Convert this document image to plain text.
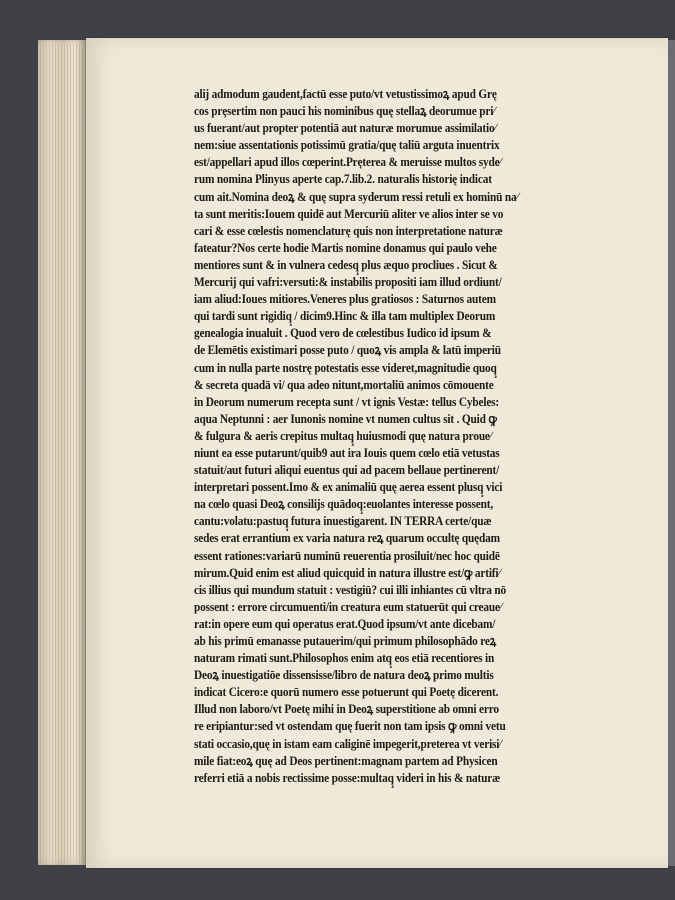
alij admodum gaudent,factū esse puto/vt vetustissimoꝝ apud Grę
cos prȩsertim non pauci his nominibus quę stellaꝝ deorumue pri∕
us fuerant/aut propter potentiā aut naturæ morumue assimilatio∕
nem:siue assentationis potissimū gratia/quę taliū arguta inuentrix
est/appellari apud illos cœperint.Pręterea & meruisse multos syde∕
rum nomina Plinyus aperte cap.7.lib.2. naturalis historię indicat
cum ait.Nomina deoꝝ & quę supra syderum ressi retuli ex hominū na∕
ta sunt meritis:Iouem quidē aut Mercuriū aliter ve alios inter se vo
cari & esse cœlestis nomenclaturę quis non interpretatione naturæ
fateatur?Nos certe hodie Martis nomine donamus qui paulo vehe
mentiores sunt & in vulnera cedesq̧ plus æquo procliues . Sicut &
Mercurij qui vafri:versuti:& instabilis propositi iam illud ordiunt/
iam aliud:Ioues mitiores.Veneres plus gratiosos : Saturnos autem
qui tardi sunt rigidiq̧ / dicim9.Hinc & illa tam multiplex Deorum
genealogia inualuit . Quod vero de cœlestibus Iudico id ipsum &
de Elemētis existimari posse puto / quoꝝ vis ampla & latū imperiū
cum in nulla parte nostrę potestatis esse videret,magnitudie quoq̧
& secreta quadā vi/ qua adeo nitunt,mortaliū animos cōmouente
in Deorum numerum recepta sunt / vt ignis Vestæ: tellus Cybeles:
aqua Neptunni : aer Iunonis nomine vt numen cultus sit . Quid ꝙ
& fulgura & aeris crepitus multaq̧ huiusmodi quę natura proue∕
niunt ea esse putarunt/quib9 aut ira Iouis quem cœlo etiā vetustas
statuit/aut futuri aliqui euentus qui ad pacem bellaue pertinerent/
interpretari possent.Imo & ex animaliū quę aerea essent plusq̧ vici
na cœlo quasi Deoꝝ consilijs quādoq̧:euolantes interesse possent,
cantu:volatu:pastuq̧ futura inuestigarent. IN TERRA certe/quæ
sedes erat errantium ex varia natura reꝝ quarum occultę quędam
essent rationes:variarū numinū reuerentia prosiluit/nec hoc quidē
mirum.Quid enim est aliud quicquid in natura illustre est/ꝙ artifi∕
cis illius qui mundum statuit : vestigiū? cui illi inhiantes cū vltra nō
possent : errore circumuenti/in creatura eum statuerūt qui creaue∕
rat:in opere eum qui operatus erat.Quod ipsum/vt ante dicebam/
ab his primū emanasse putauerim/qui primum philosophādo reꝝ
naturam rimati sunt.Philosophos enim atq̧ eos etiā recentiores in
Deoꝝ inuestigatiōe dissensisse/libro de natura deoꝝ primo multis
indicat Cicero:e quorū numero esse potuerunt qui Poetę dicerent.
Illud non laboro/vt Poetę mihi in Deoꝝ superstitione ab omni erro
re eripiantur:sed vt ostendam quę fuerit non tam ipsis ꝙ omni vetu
stati occasio,quę in istam eam caliginē impegerit,preterea vt verisi∕
mile fiat:eoꝝ quę ad Deos pertinent:magnam partem ad Physicen
referri etiā a nobis rectissime posse:multaq̧ videri in his & naturæ
